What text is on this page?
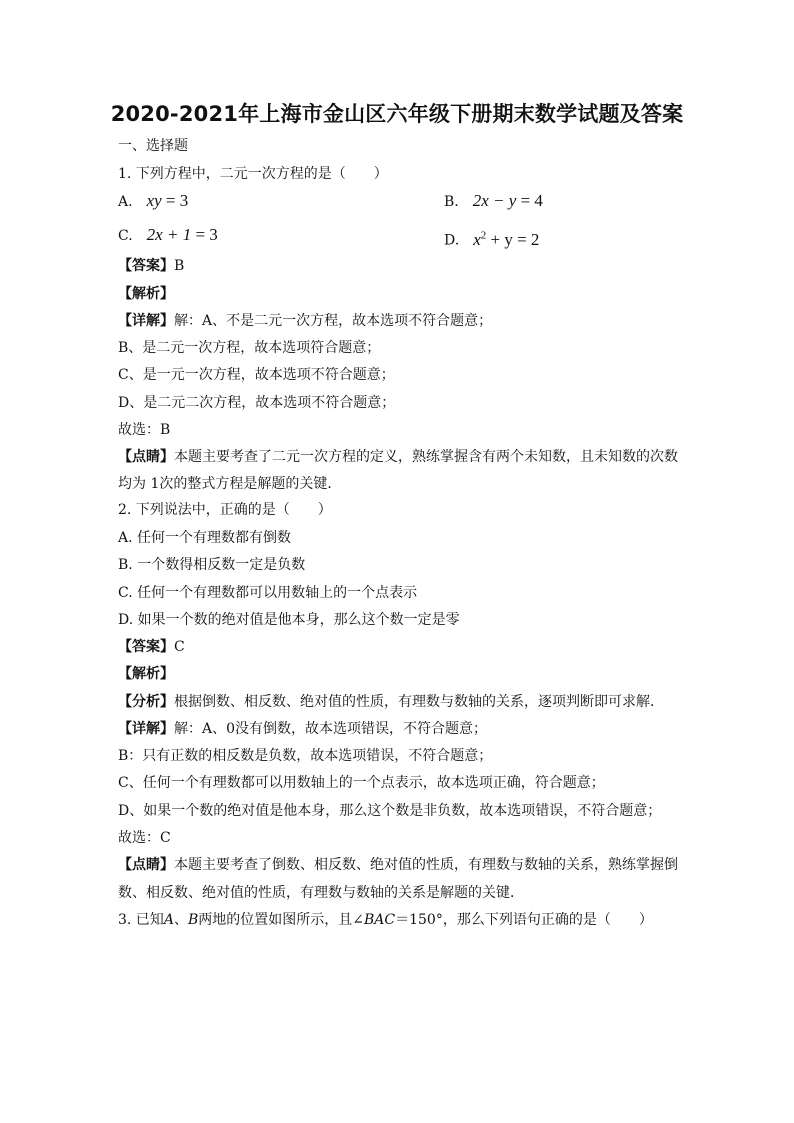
2020-2021年上海市金山区六年级下册期末数学试题及答案
一、选择题
1. 下列方程中，二元一次方程的是（　　）
A. xy = 3	B. 2x − y = 4
C. 2x + 1 = 3	D. $x^2 + y = 2$
【答案】B
【解析】
【详解】解：A、不是二元一次方程，故本选项不符合题意；
B、是二元一次方程，故本选项符合题意；
C、是一元一次方程，故本选项不符合题意；
D、是二元二次方程，故本选项不符合题意；
故选：B
【点睛】本题主要考查了二元一次方程的定义，熟练掌握含有两个未知数，且未知数的次数
均为 1次的整式方程是解题的关键．
2. 下列说法中，正确的是（　　）
A. 任何一个有理数都有倒数
B. 一个数得相反数一定是负数
C. 任何一个有理数都可以用数轴上的一个点表示
D. 如果一个数的绝对值是他本身，那么这个数一定是零
【答案】C
【解析】
【分析】根据倒数、相反数、绝对值的性质，有理数与数轴的关系，逐项判断即可求解．
【详解】解：A、0没有倒数，故本选项错误，不符合题意；
B：只有正数的相反数是负数，故本选项错误，不符合题意；
C、任何一个有理数都可以用数轴上的一个点表示，故本选项正确，符合题意；
D、如果一个数的绝对值是他本身，那么这个数是非负数，故本选项错误，不符合题意；
故选：C
【点睛】本题主要考查了倒数、相反数、绝对值的性质，有理数与数轴的关系，熟练掌握倒
数、相反数、绝对值的性质，有理数与数轴的关系是解题的关键．
3. 已知A、B两地的位置如图所示，且∠BAC＝150°，那么下列语句正确的是（　　）
